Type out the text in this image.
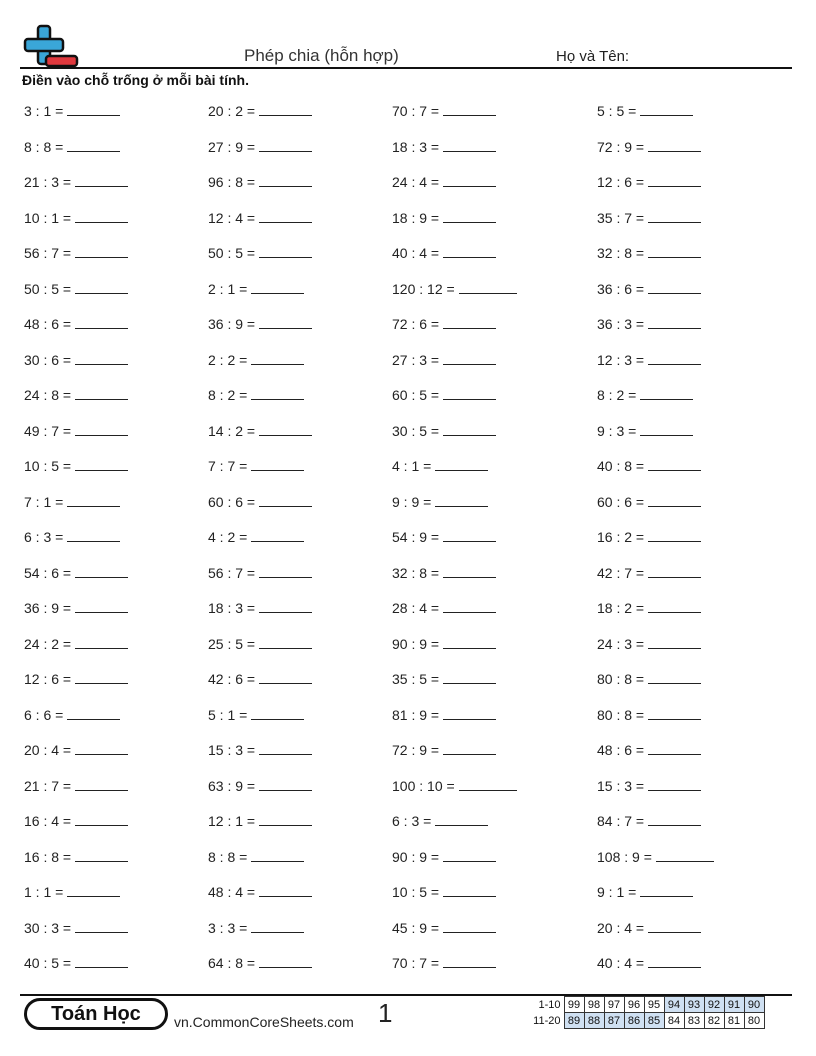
Phép chia (hỗn hợp)	Họ và Tên:
Điền vào chỗ trống ở mỗi bài tính.
3 : 1 =
8 : 8 =
21 : 3 =
10 : 1 =
56 : 7 =
50 : 5 =
48 : 6 =
30 : 6 =
24 : 8 =
49 : 7 =
10 : 5 =
7 : 1 =
6 : 3 =
54 : 6 =
36 : 9 =
24 : 2 =
12 : 6 =
6 : 6 =
20 : 4 =
21 : 7 =
16 : 4 =
16 : 8 =
1 : 1 =
30 : 3 =
40 : 5 =
20 : 2 =
27 : 9 =
96 : 8 =
12 : 4 =
50 : 5 =
2 : 1 =
36 : 9 =
2 : 2 =
8 : 2 =
14 : 2 =
7 : 7 =
60 : 6 =
4 : 2 =
56 : 7 =
18 : 3 =
25 : 5 =
42 : 6 =
5 : 1 =
15 : 3 =
63 : 9 =
12 : 1 =
8 : 8 =
48 : 4 =
3 : 3 =
64 : 8 =
70 : 7 =
18 : 3 =
24 : 4 =
18 : 9 =
40 : 4 =
120 : 12 =
72 : 6 =
27 : 3 =
60 : 5 =
30 : 5 =
4 : 1 =
9 : 9 =
54 : 9 =
32 : 8 =
28 : 4 =
90 : 9 =
35 : 5 =
81 : 9 =
72 : 9 =
100 : 10 =
6 : 3 =
90 : 9 =
10 : 5 =
45 : 9 =
70 : 7 =
5 : 5 =
72 : 9 =
12 : 6 =
35 : 7 =
32 : 8 =
36 : 6 =
36 : 3 =
12 : 3 =
8 : 2 =
9 : 3 =
40 : 8 =
60 : 6 =
16 : 2 =
42 : 7 =
18 : 2 =
24 : 3 =
80 : 8 =
80 : 8 =
48 : 6 =
15 : 3 =
84 : 7 =
108 : 9 =
9 : 1 =
20 : 4 =
40 : 4 =
Toán Học	vn.CommonCoreSheets.com 1	1-10	99	98	97	96	95	94	93	92	91	90
11-20	89	88	87	86	85	84	83	82	81	80
